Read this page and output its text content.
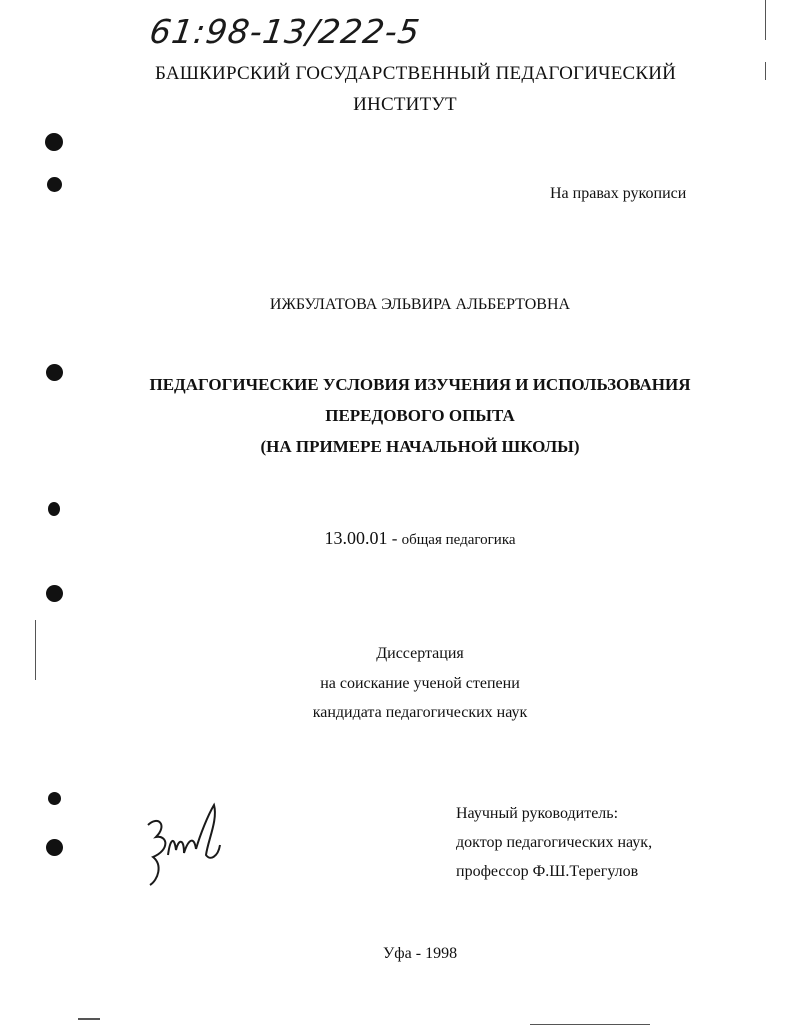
61:98-13/222-5
БАШКИРСКИЙ ГОСУДАРСТВЕННЫЙ ПЕДАГОГИЧЕСКИЙ
ИНСТИТУТ
На правах рукописи
ИЖБУЛАТОВА ЭЛЬВИРА АЛЬБЕРТОВНА
ПЕДАГОГИЧЕСКИЕ УСЛОВИЯ ИЗУЧЕНИЯ И ИСПОЛЬЗОВАНИЯ
ПЕРЕДОВОГО ОПЫТА
(НА ПРИМЕРЕ НАЧАЛЬНОЙ ШКОЛЫ)
13.00.01 - общая педагогика
Диссертация
на соискание ученой степени
кандидата педагогических наук
Научный руководитель:
доктор педагогических наук,
профессор Ф.Ш.Терегулов
Уфа - 1998
